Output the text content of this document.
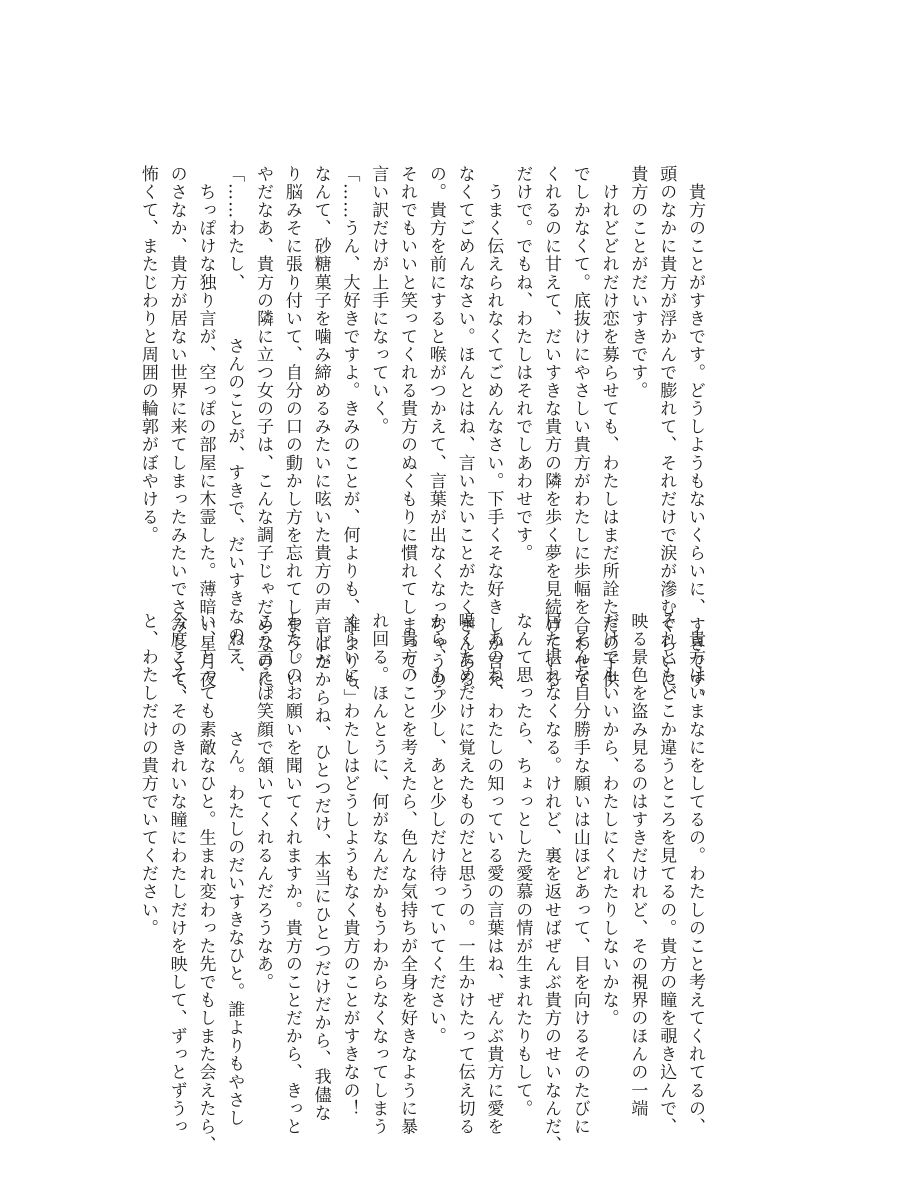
　貴方のことがすきです。どうしようもないくらいに、すきです。
頭のなかに貴方が浮かんで膨れて、それだけで涙が滲むぐらいに、
貴方のことがだいすきです。
　けれどどれだけ恋を募らせても、わたしはまだ所詮ただの子供
でしかなくて。底抜けにやさしい貴方がわたしに歩幅を合わせて
くれるのに甘えて、だいすきな貴方の隣を歩く夢を見続けている
だけで。でもね、わたしはそれでしあわせです。
　うまく伝えられなくてごめんなさい。下手くそな好きしか言え
なくてごめんなさい。ほんとはね、言いたいことがたくさんある
の。貴方を前にすると喉がつかえて、言葉が出なくなっちゃうの。
それでもいいと笑ってくれる貴方のぬくもりに慣れてしまって、
言い訳だけが上手になっていく。
「……うん、大好きですよ。きみのことが、何よりも、誰よりも」
なんて、砂糖菓子を噛み締めるみたいに呟いた貴方の声音ばか
り脳みそに張り付いて、自分の口の動かし方を忘れてしまう。い
やだなあ、貴方の隣に立つ女の子は、こんな調子じゃだめなのに。
「……わたし、　　　さんのことが、すきで、だいすきなの」
　ちっぽけな独り言が、空っぽの部屋に木霊した。薄暗い星月夜
のさなか、貴方が居ない世界に来てしまったみたいでさみしくて、
怖くて、またじわりと周囲の輪郭がぼやける。
　貴方はいまなにをしてるの。わたしのこと考えてくれてるの、
それともどこか違うところを見てるの。貴方の瞳を覗き込んで、
映る景色を盗み見るのはすきだけれど、その視界のほんの一端
だけでもいいから、わたしにくれたりしないかな。
　そんな自分勝手な願いは山ほどあって、目を向けるそのたびに
居た堪れなくなる。けれど、裏を返せばぜんぶ貴方のせいなんだ、
なんて思ったら、ちょっとした愛慕の情が生まれたりもして。
　あのね、わたしの知っている愛の言葉はね、ぜんぶ貴方に愛を
囁くためだけに覚えたものだと思うの。一生かけたって伝え切る
から、もう少し、あと少しだけ待っていてください。
　貴方のことを考えたら、色んな気持ちが全身を好きなように暴
れ回る。ほんとうに、何がなんだかもうわからなくなってしまう
くらいに、わたしはどうしようもなく貴方のことがすきなの！
　──だからね、ひとつだけ、本当にひとつだけだから、我儘な
わたしのお願いを聞いてくれますか。貴方のことだから、きっと
こう言えば笑顔で頷いてくれるんだろうなあ。
　ねえ、　　　さん。わたしのだいすきなひと。誰よりもやさし
い、とっても素敵なひと。生まれ変わった先でもしまた会えたら、
今度こそ、そのきれいな瞳にわたしだけを映して、ずっとずうっ
と、わたしだけの貴方でいてください。
